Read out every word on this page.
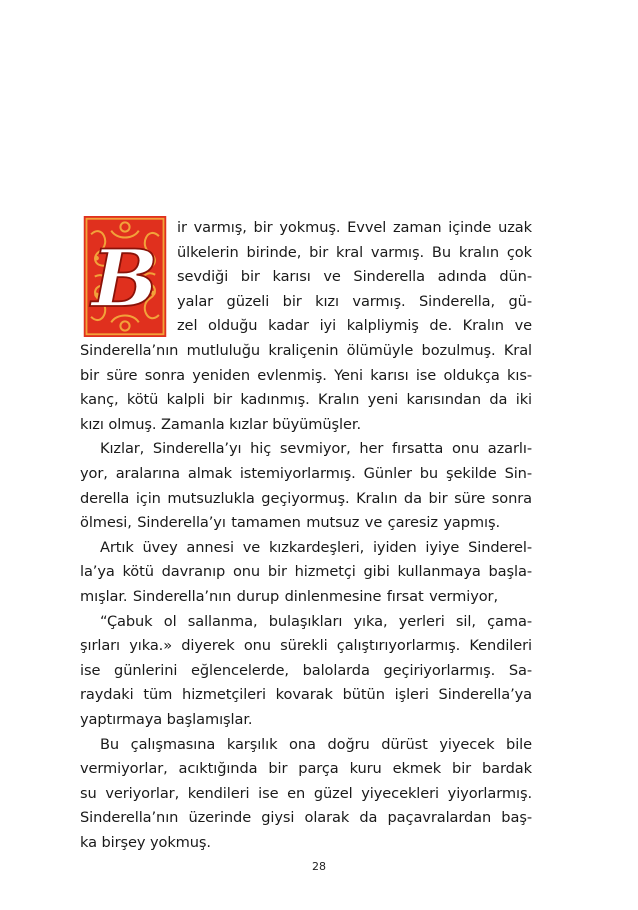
B
ir varmış, bir yokmuş. Evvel zaman içinde uzak
ülkelerin birinde, bir kral varmış. Bu kralın çok
sevdiği bir karısı ve Sinderella adında dün-
yalar güzeli bir kızı varmış. Sinderella, gü-
zel olduğu kadar iyi kalpliymiş de. Kralın ve
Sinderella’nın mutluluğu kraliçenin ölümüyle bozulmuş. Kral
bir süre sonra yeniden evlenmiş. Yeni karısı ise oldukça kıs-
kanç, kötü kalpli bir kadınmış. Kralın yeni karısından da iki
kızı olmuş. Zamanla kızlar büyümüşler.
Kızlar, Sinderella’yı hiç sevmiyor, her fırsatta onu azarlı-
yor, aralarına almak istemiyorlarmış. Günler bu şekilde Sin-
derella için mutsuzlukla geçiyormuş. Kralın da bir süre sonra
ölmesi, Sinderella’yı tamamen mutsuz ve çaresiz yapmış.
Artık üvey annesi ve kızkardeşleri, iyiden iyiye Sinderel-
la’ya kötü davranıp onu bir hizmetçi gibi kullanmaya başla-
mışlar. Sinderella’nın durup dinlenmesine fırsat vermiyor,
“Çabuk ol sallanma, bulaşıkları yıka, yerleri sil, çama-
şırları yıka.» diyerek onu sürekli çalıştırıyorlarmış. Kendileri
ise günlerini eğlencelerde, balolarda geçiriyorlarmış. Sa-
raydaki tüm hizmetçileri kovarak bütün işleri Sinderella’ya
yaptırmaya başlamışlar.
Bu çalışmasına karşılık ona doğru dürüst yiyecek bile
28
vermiyorlar, acıktığında bir parça kuru ekmek bir bardak
su veriyorlar, kendileri ise en güzel yiyecekleri yiyorlarmış.
Sinderella’nın üzerinde giysi olarak da paçavralardan baş-
ka birşey yokmuş.
